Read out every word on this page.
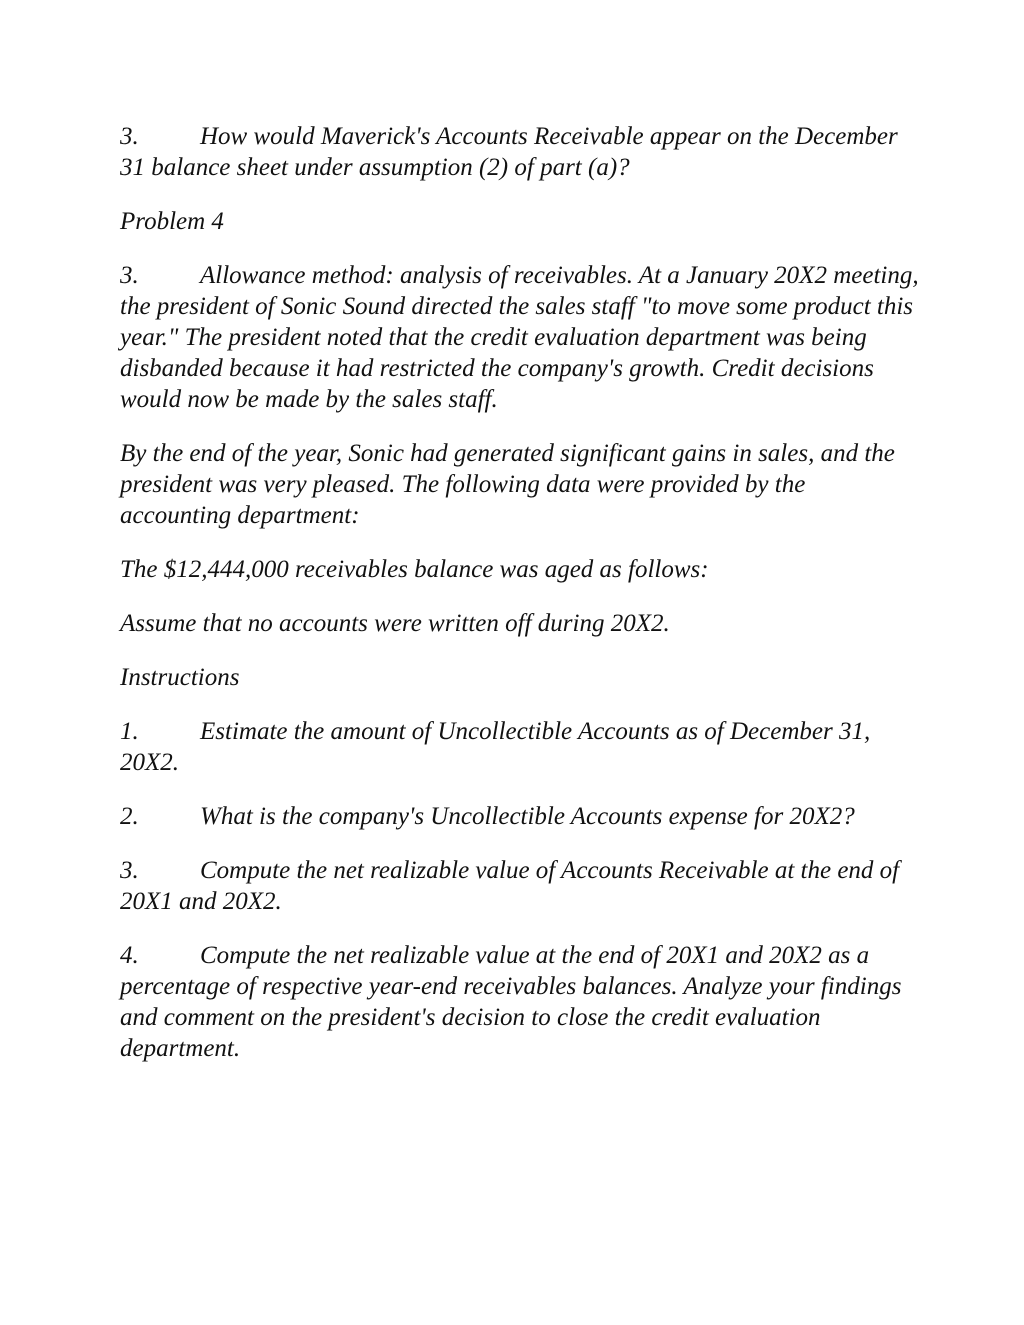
3. How would Maverick's Accounts Receivable appear on the December 31 balance sheet under assumption (2) of part (a)?

Problem 4

3. Allowance method: analysis of receivables. At a January 20X2 meeting, the president of Sonic Sound directed the sales staff "to move some product this year." The president noted that the credit evaluation department was being disbanded because it had restricted the company's growth. Credit decisions would now be made by the sales staff.

By the end of the year, Sonic had generated significant gains in sales, and the president was very pleased. The following data were provided by the accounting department:

The $12,444,000 receivables balance was aged as follows:

Assume that no accounts were written off during 20X2.

Instructions

1. Estimate the amount of Uncollectible Accounts as of December 31, 20X2.

2. What is the company's Uncollectible Accounts expense for 20X2?

3. Compute the net realizable value of Accounts Receivable at the end of 20X1 and 20X2.

4. Compute the net realizable value at the end of 20X1 and 20X2 as a percentage of respective year-end receivables balances. Analyze your findings and comment on the president's decision to close the credit evaluation department.
